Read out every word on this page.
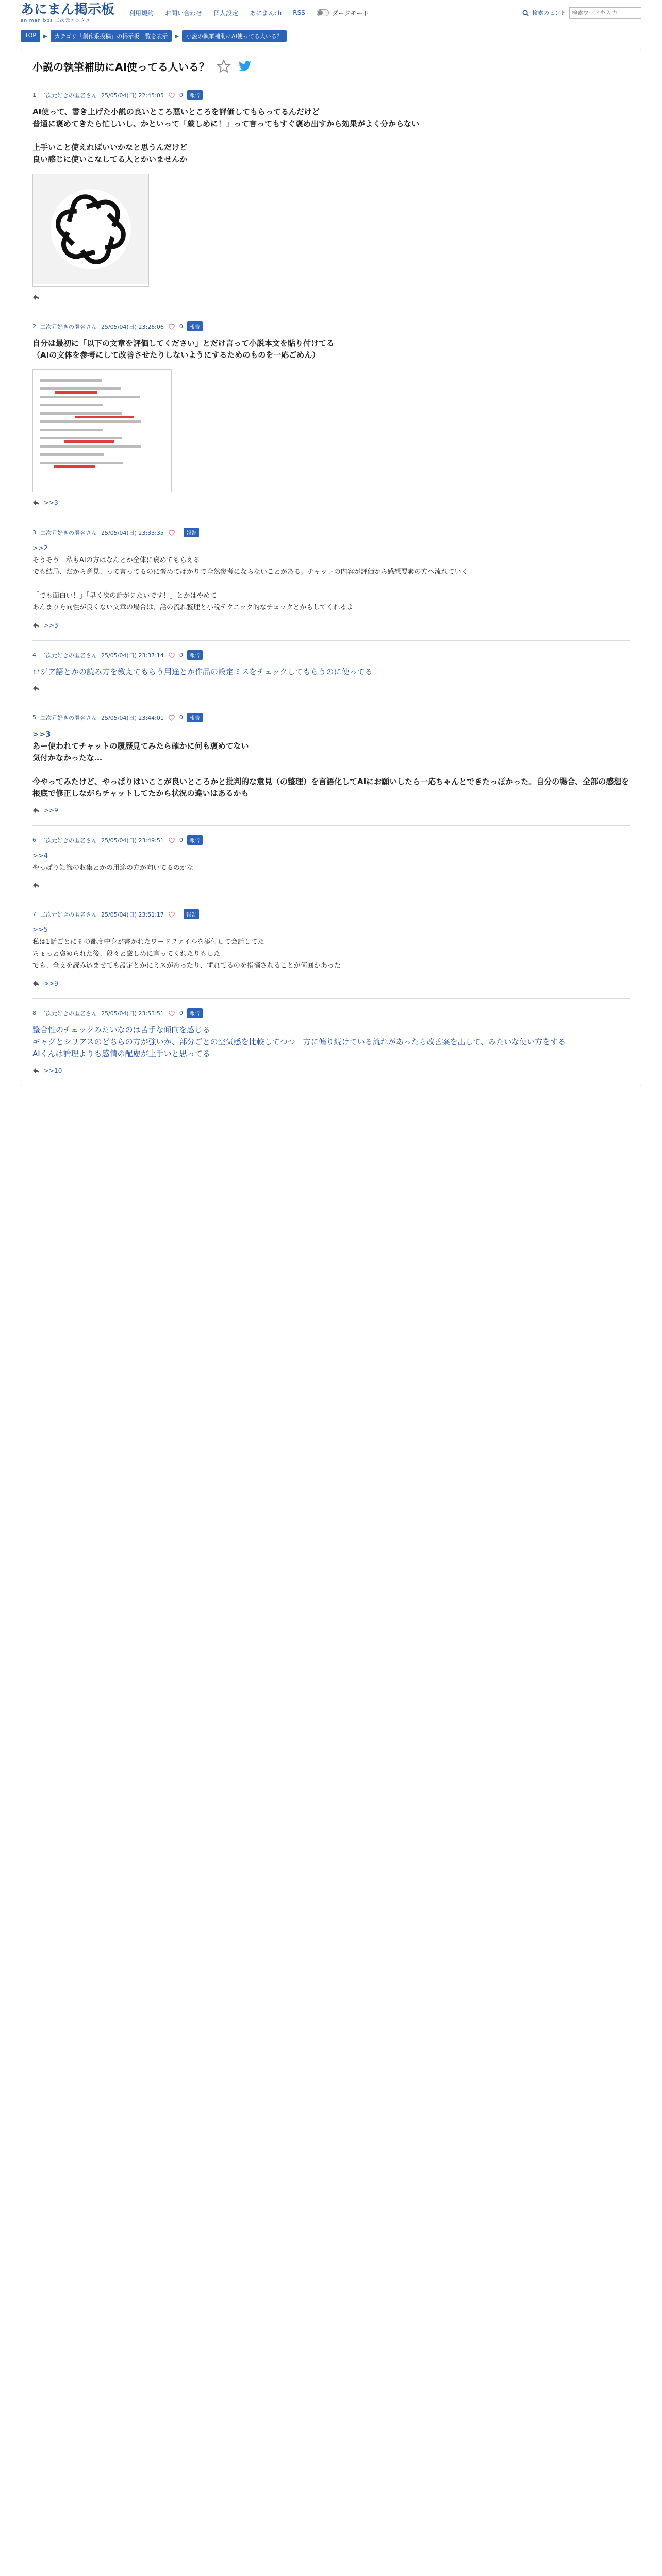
あにまん掲示板
animan bbs 二次元エンタメ
利用規約 お問い合わせ 個人設定 あにまんch RSS	ダークモード	検索のヒント
検索ワードを入力
TOP	▶	カテゴリ「創作系投稿」の掲示板一覧を表示	▶	小説の執筆補助にAI使ってる人いる？
小説の執筆補助にAI使ってる人いる？
1 二次元好きの匿名さん 25/05/04(日) 22:45:05	0	報告
AI使って、書き上げた小説の良いところ悪いところを評価してもらってるんだけど
普通に褒めてきたら忙しいし、かといって「厳しめに！」って言ってもすぐ褒め出すから効果がよく分からない
上手いこと使えればいいかなと思うんだけど
良い感じに使いこなしてる人とかいませんか
2 二次元好きの匿名さん 25/05/04(日) 23:26:06	0	報告
自分は最初に「以下の文章を評価してください」とだけ言って小説本文を貼り付けてる
（AIの文体を参考にして改善させたりしないようにするためのものを一応ごめん）
>>3
3 二次元好きの匿名さん 25/05/04(日) 23:33:35	報告
>>2
そうそう　私もAIの方はなんとか全体に褒めてもらえる
でも結局、だから意見、って言ってるのに褒めてばかりで全然参考にならないことがある。チャットの内容が評価から感想要素の方へ流れていく
「でも面白い！」「早く次の話が見たいです！」とかはやめて
あんまり方向性が良くない文章の場合は、話の流れ整理と小説テクニック的なチェックとかもしてくれるよ
>>3
4 二次元好きの匿名さん 25/05/04(日) 23:37:14	0	報告
ロジア語とかの読み方を教えてもらう用途とか作品の設定ミスをチェックしてもらうのに使ってる
5 二次元好きの匿名さん 25/05/04(日) 23:44:01	0	報告
>>3
あー使われてチャットの履歴見てみたら確かに何も褒めてない
気付かなかったな…
今やってみたけど、やっぱりはいここが良いところかと批判的な意見（の整理）を言語化してAIにお願いしたら一応ちゃんとできたっぽかった。自分の場合、全部の感想を根底で修正しながらチャットしてたから状況の違いはあるかも
>>9
6 二次元好きの匿名さん 25/05/04(日) 23:49:51	0	報告
>>4
やっぱり知識の収集とかの用途の方が向いてるのかな
7 二次元好きの匿名さん 25/05/04(日) 23:51:17	報告
>>5
私は1話ごとにその都度中身が書かれたワードファイルを添付して会話してた
ちょっと褒められた後、段々と厳しめに言ってくれたりもした
でも、全文を読み込ませても設定とかにミスがあったり、ずれてるのを指摘されることが何回かあった
>>9
8 二次元好きの匿名さん 25/05/04(日) 23:53:51	0	報告
整合性のチェックみたいなのは苦手な傾向を感じる
ギャグとシリアスのどちらの方が強いか、部分ごとの空気感を比較してつつ一方に偏り続けている流れがあったら改善案を出して、みたいな使い方をする
AIくんは論理よりも感情の配慮が上手いと思ってる
>>10
